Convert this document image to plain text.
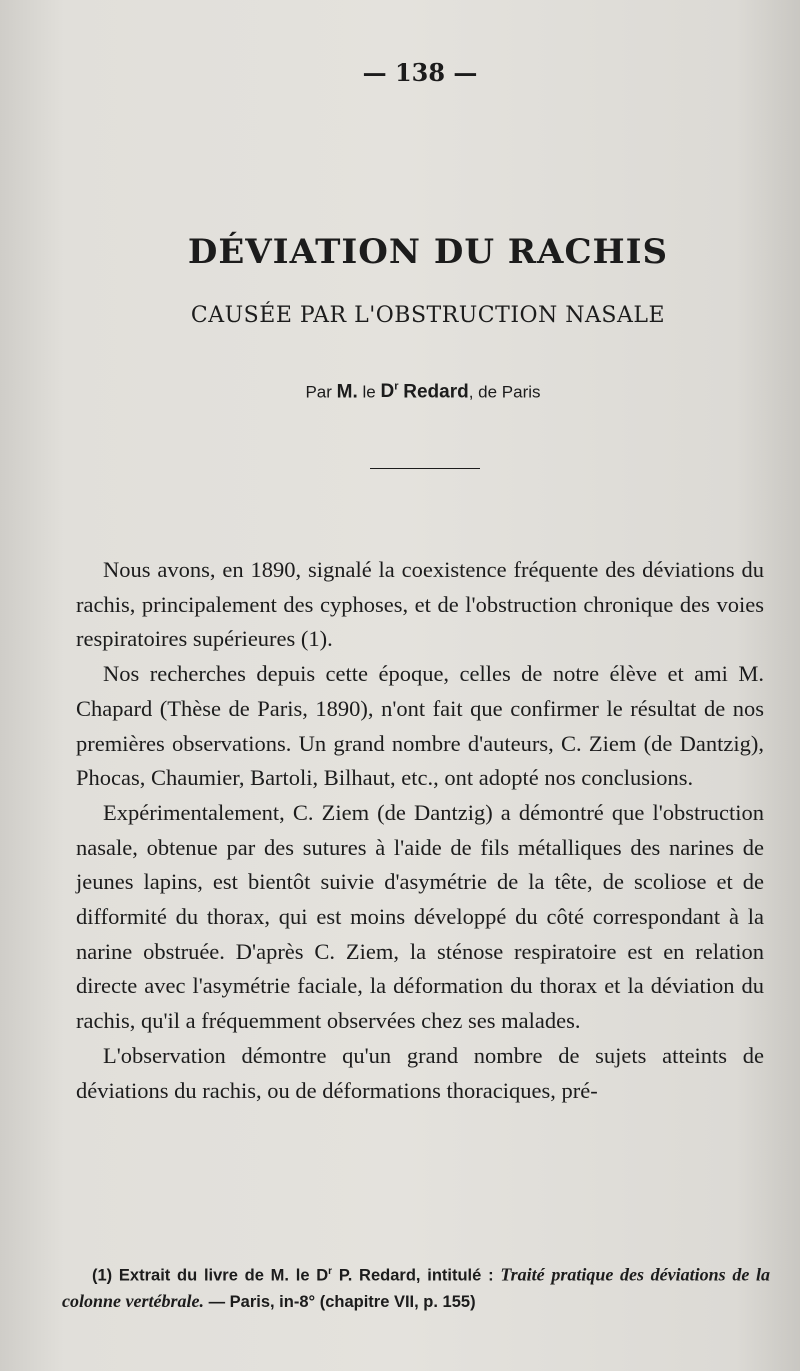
— 138 —
DÉVIATION DU RACHIS
CAUSÉE PAR L'OBSTRUCTION NASALE
Par M. le $D^r$ Redard, de Paris

Nous avons, en 1890, signalé la coexistence fréquente des déviations du rachis, principalement des cyphoses, et de l'obstruction chronique des voies respiratoires supérieures (1).

Nos recherches depuis cette époque, celles de notre élève et ami M. Chapard (Thèse de Paris, 1890), n'ont fait que confirmer le résultat de nos premières observations. Un grand nombre d'auteurs, C. Ziem (de Dantzig), Phocas, Chaumier, Bartoli, Bilhaut, etc., ont adopté nos conclusions.

Expérimentalement, C. Ziem (de Dantzig) a démontré que l'obstruction nasale, obtenue par des sutures à l'aide de fils métalliques des narines de jeunes lapins, est bientôt suivie d'asymétrie de la tête, de scoliose et de difformité du thorax, qui est moins développé du côté correspondant à la narine obstruée. D'après C. Ziem, la sténose respiratoire est en relation directe avec l'asymétrie faciale, la déformation du thorax et la déviation du rachis, qu'il a fréquemment observées chez ses malades.

L'observation démontre qu'un grand nombre de sujets atteints de déviations du rachis, ou de déformations thoraciques, pré-

(1) Extrait du livre de M. le $D^r$ P. Redard, intitulé : Traité pratique des déviations de la colonne vertébrale. — Paris, in-8° (chapitre VII, p. 155)
